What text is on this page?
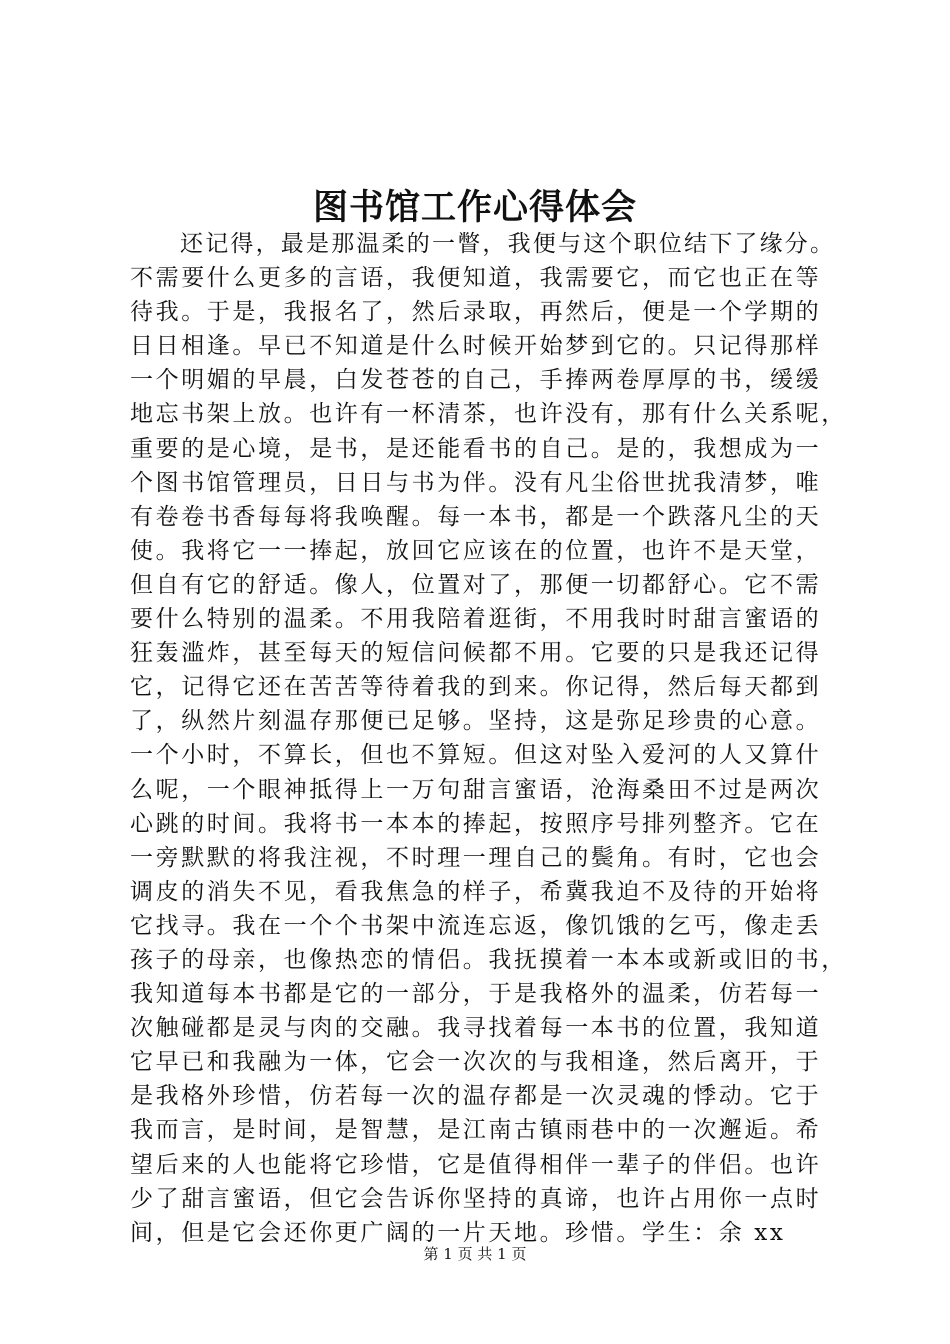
图书馆工作心得体会
还记得，最是那温柔的一瞥，我便与这个职位结下了缘分。
不需要什么更多的言语，我便知道，我需要它，而它也正在等
待我。于是，我报名了，然后录取，再然后，便是一个学期的
日日相逢。早已不知道是什么时候开始梦到它的。只记得那样
一个明媚的早晨，白发苍苍的自己，手捧两卷厚厚的书，缓缓
地忘书架上放。也许有一杯清茶，也许没有，那有什么关系呢，
重要的是心境，是书，是还能看书的自己。是的，我想成为一
个图书馆管理员，日日与书为伴。没有凡尘俗世扰我清梦，唯
有卷卷书香每每将我唤醒。每一本书，都是一个跌落凡尘的天
使。我将它一一捧起，放回它应该在的位置，也许不是天堂，
但自有它的舒适。像人，位置对了，那便一切都舒心。它不需
要什么特别的温柔。不用我陪着逛街，不用我时时甜言蜜语的
狂轰滥炸，甚至每天的短信问候都不用。它要的只是我还记得
它，记得它还在苦苦等待着我的到来。你记得，然后每天都到
了，纵然片刻温存那便已足够。坚持，这是弥足珍贵的心意。
一个小时，不算长，但也不算短。但这对坠入爱河的人又算什
么呢，一个眼神抵得上一万句甜言蜜语，沧海桑田不过是两次
心跳的时间。我将书一本本的捧起，按照序号排列整齐。它在
一旁默默的将我注视，不时理一理自己的鬓角。有时，它也会
调皮的消失不见，看我焦急的样子，希冀我迫不及待的开始将
它找寻。我在一个个书架中流连忘返，像饥饿的乞丐，像走丢
孩子的母亲，也像热恋的情侣。我抚摸着一本本或新或旧的书，
我知道每本书都是它的一部分，于是我格外的温柔，仿若每一
次触碰都是灵与肉的交融。我寻找着每一本书的位置，我知道
它早已和我融为一体，它会一次次的与我相逢，然后离开，于
是我格外珍惜，仿若每一次的温存都是一次灵魂的悸动。它于
我而言，是时间，是智慧，是江南古镇雨巷中的一次邂逅。希
望后来的人也能将它珍惜，它是值得相伴一辈子的伴侣。也许
少了甜言蜜语，但它会告诉你坚持的真谛，也许占用你一点时
间，但是它会还你更广阔的一片天地。珍惜。学生：余 xx
第 1 页 共 1 页
